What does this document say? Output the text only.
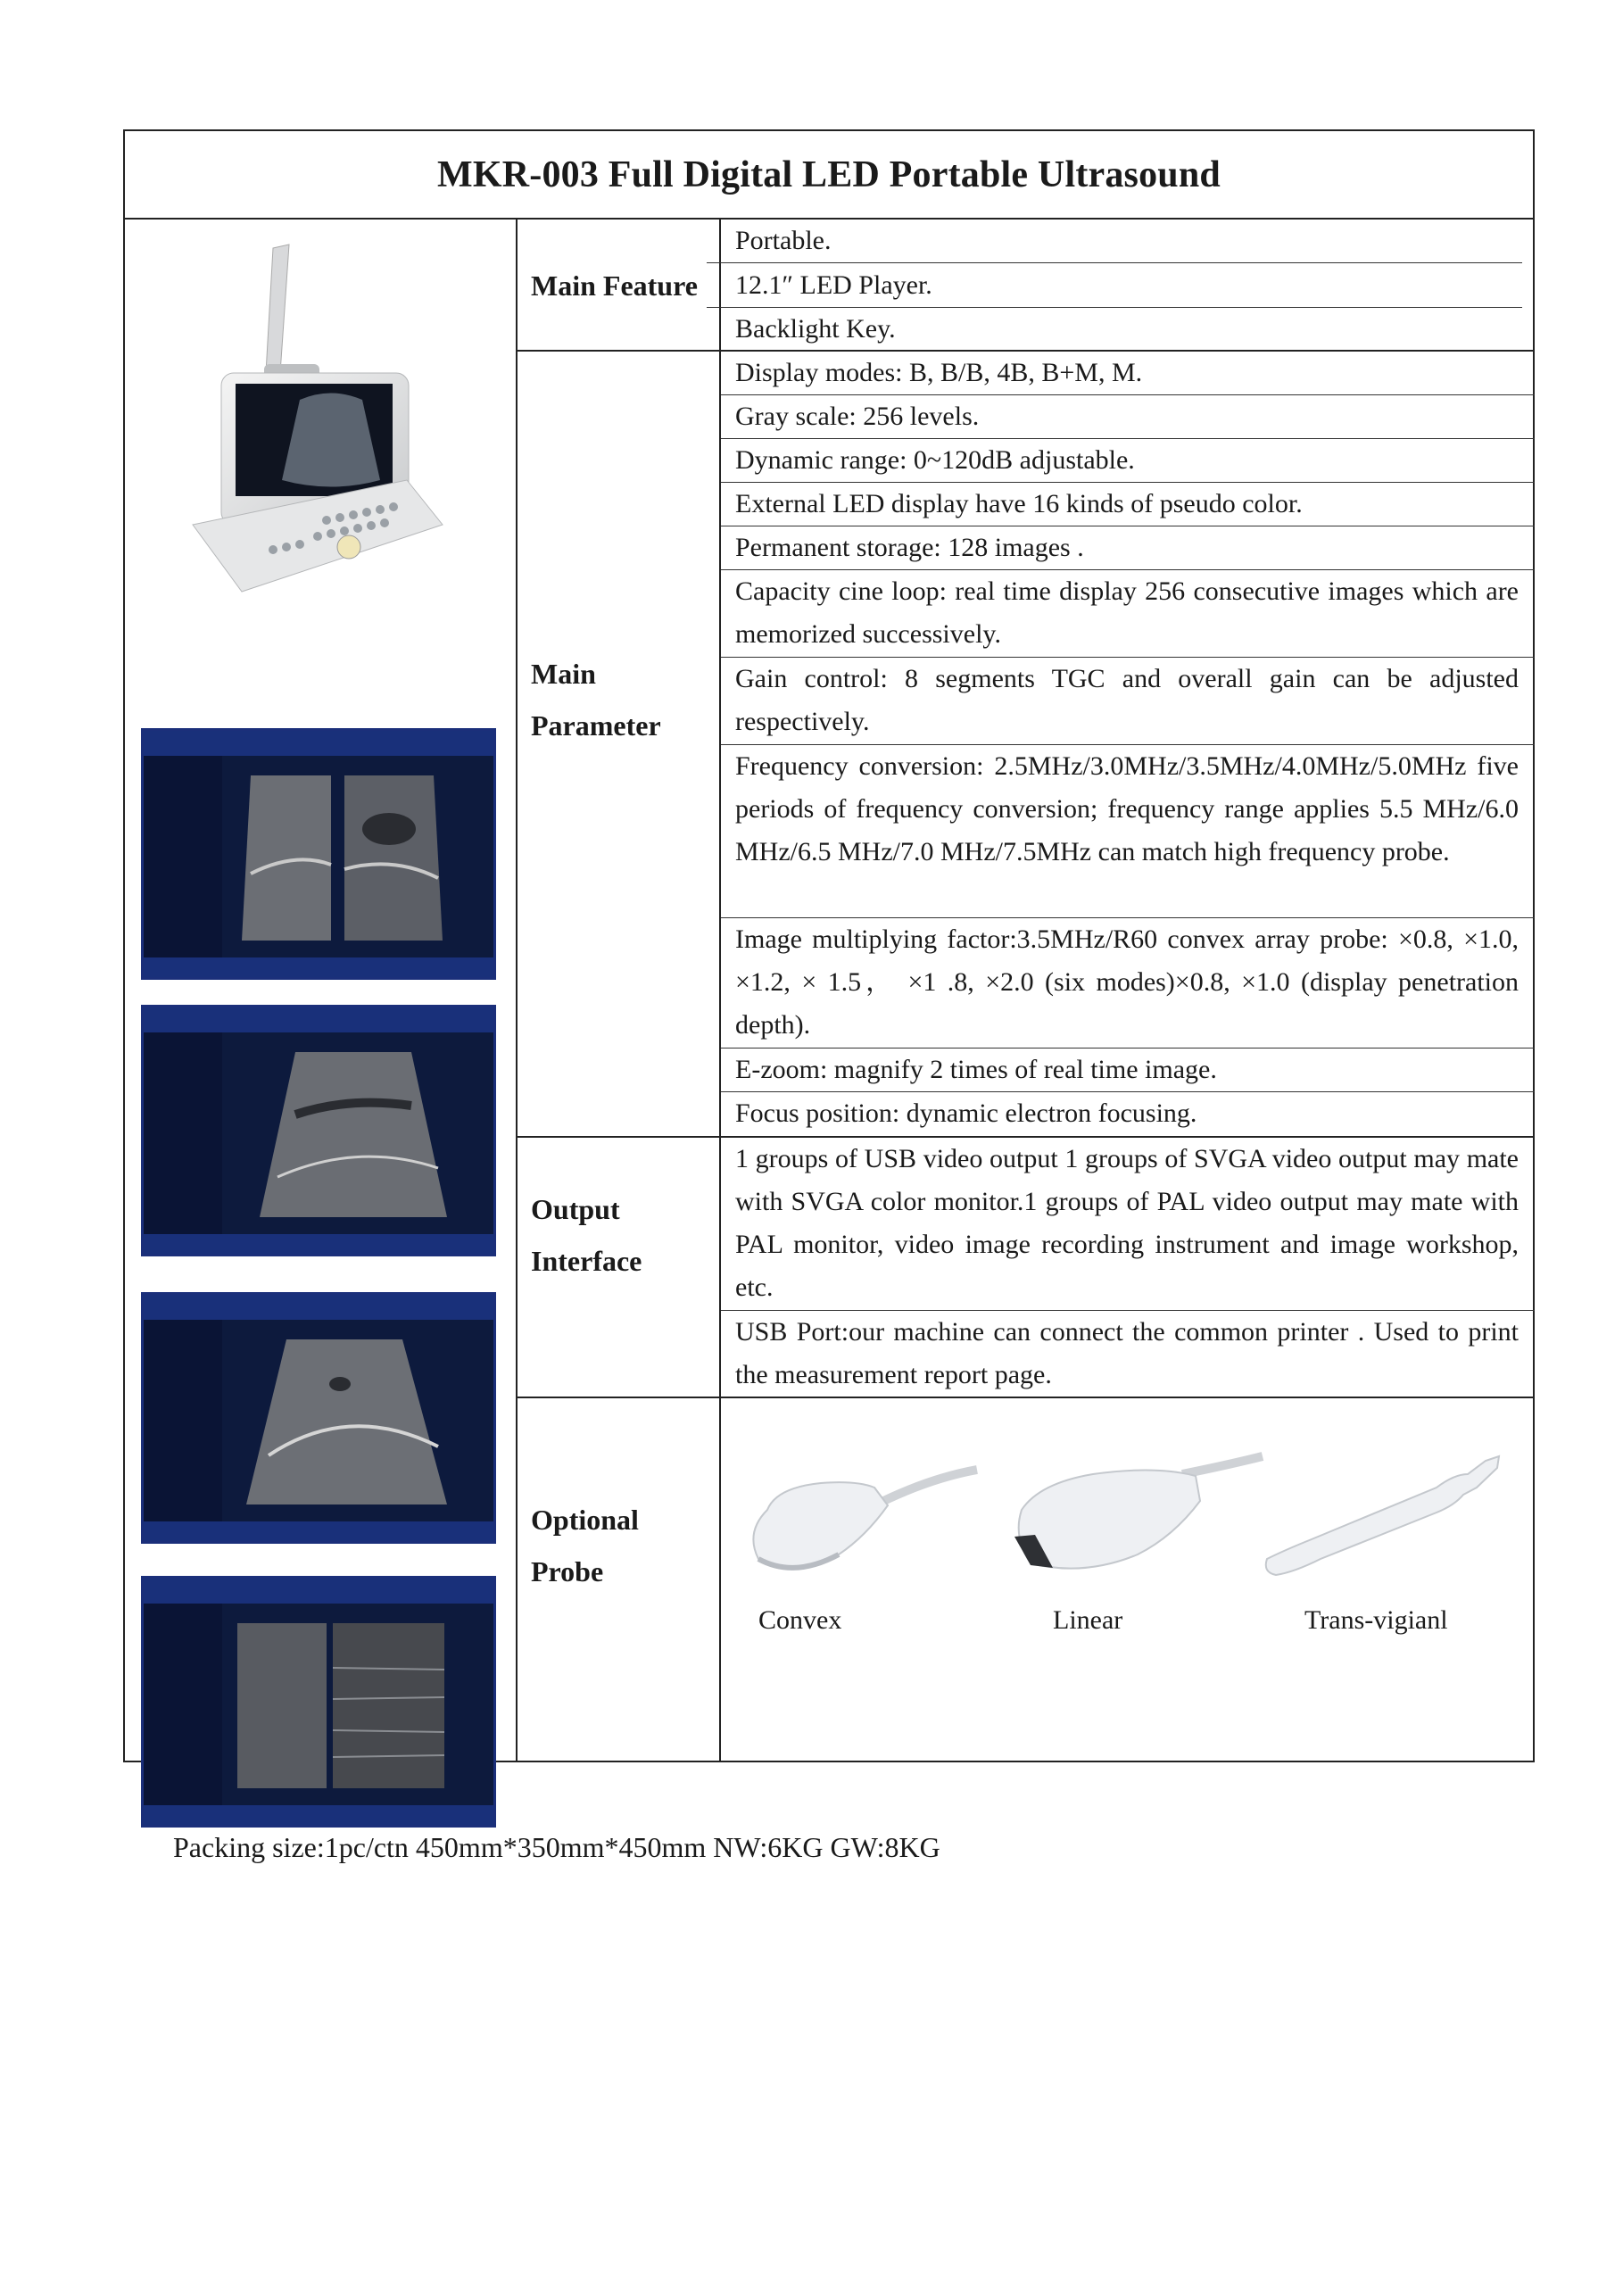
MKR-003 Full Digital LED Portable Ultrasound
Main Feature
Portable.
12.1″ LED Player.
Backlight Key.
Main
Parameter
Display modes: B, B/B, 4B, B+M, M.
Gray scale: 256 levels.
Dynamic range: 0~120dB adjustable.
External LED display have 16 kinds of pseudo color.
Permanent storage: 128 images .
Capacity cine loop: real time display 256 consecutive images which are memorized successively.
Gain control: 8 segments TGC and overall gain can be adjusted respectively.
Frequency conversion: 2.5MHz/3.0MHz/3.5MHz/4.0MHz/5.0MHz five periods of frequency conversion; frequency range applies 5.5 MHz/6.0 MHz/6.5 MHz/7.0 MHz/7.5MHz can match high frequency probe.
Image multiplying factor:3.5MHz/R60 convex array probe: ×0.8, ×1.0, ×1.2, × 1.5， ×1 .8, ×2.0 (six modes)×0.8, ×1.0 (display penetration depth).
E-zoom: magnify 2 times of real time image.
Focus position: dynamic electron focusing.
Output
Interface
1 groups of USB video output 1 groups of SVGA video output may mate with SVGA color monitor.1 groups of PAL video output may mate with PAL monitor, video image recording instrument and image workshop, etc.
USB Port:our machine can connect the common printer . Used to print the measurement report page.
Optional
Probe
Convex	Linear	Trans-vigianl
Packing size:1pc/ctn 450mm*350mm*450mm NW:6KG GW:8KG
